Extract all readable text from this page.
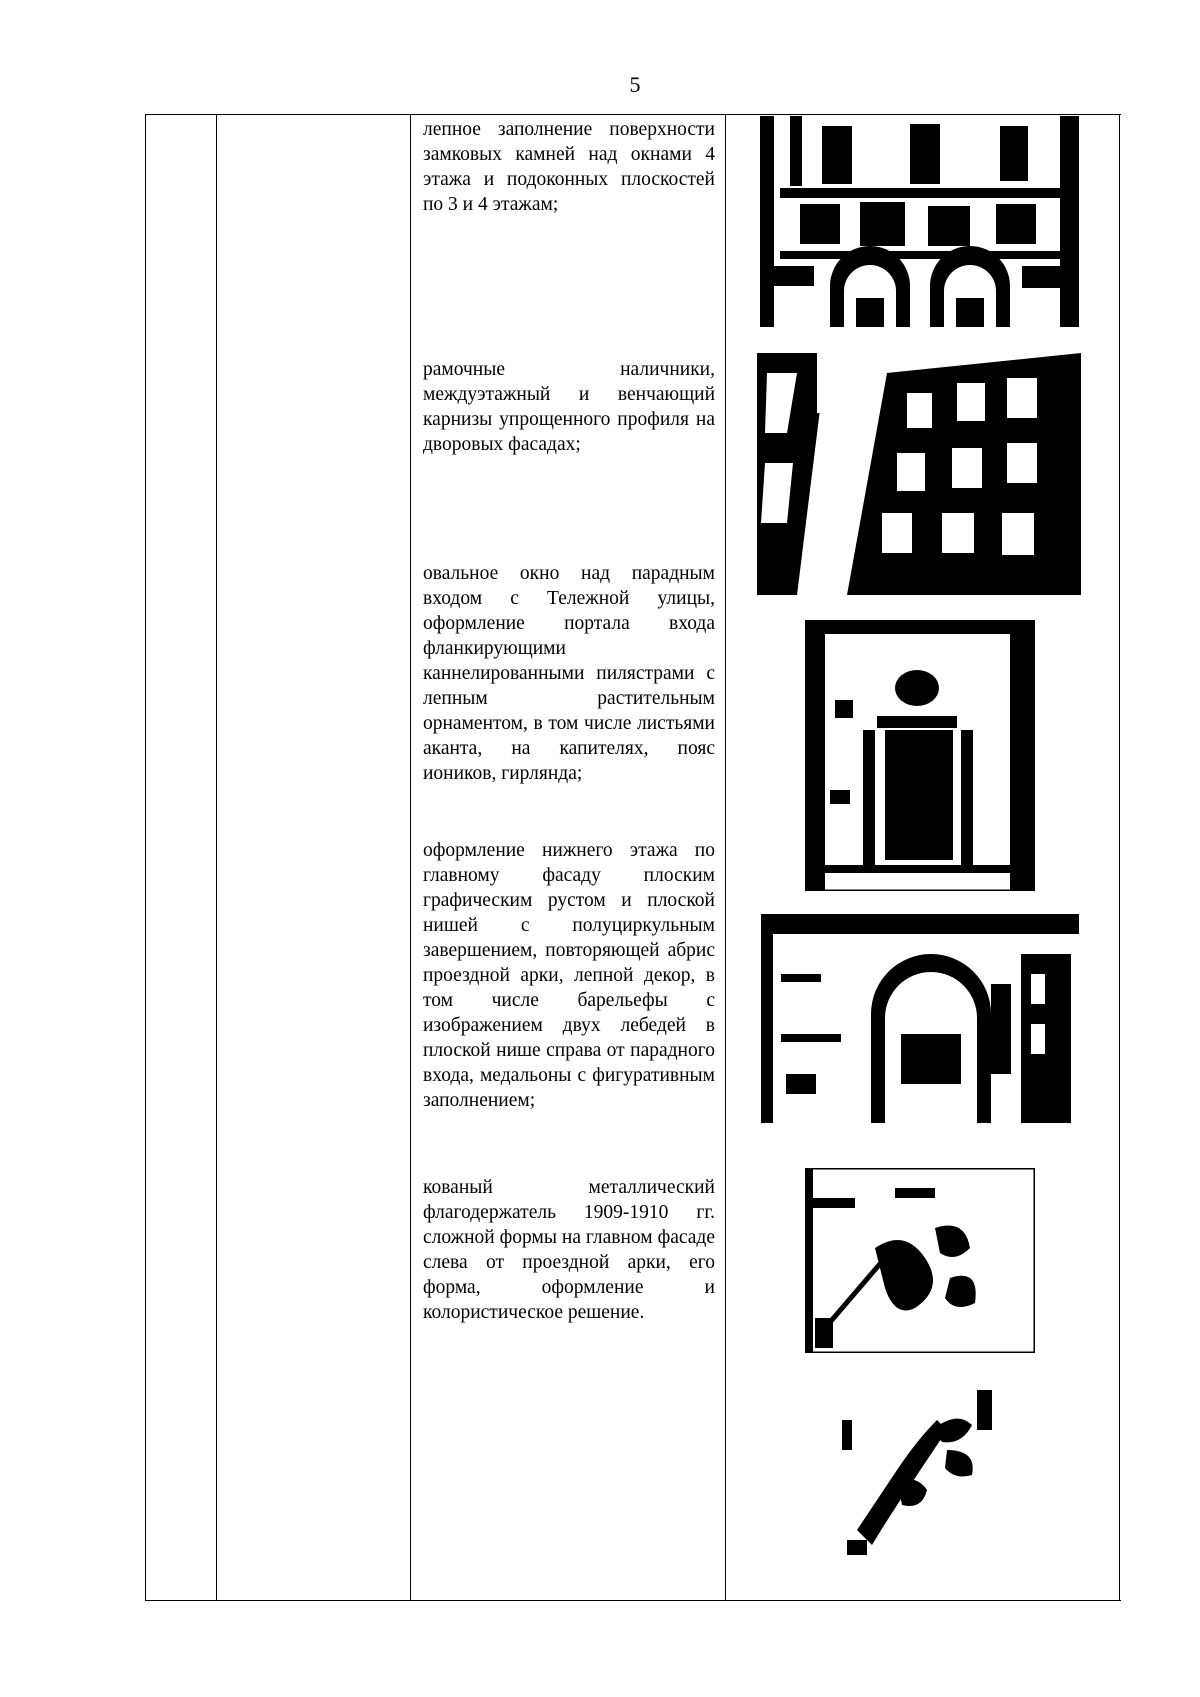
5
лепное заполнение поверхности замковых камней над окнами 4 этажа и подоконных плоскостей по 3 и 4 этажам;
рамочные наличники, междуэтажный и венчающий карнизы упрощенного профиля на дворовых фасадах;
овальное окно над парадным входом с Тележной улицы, оформление портала входа фланкирующими каннелированными пилястрами с лепным растительным орнаментом, в том числе листьями аканта, на капителях, пояс иоников, гирлянда;
оформление нижнего этажа по главному фасаду плоским графическим рустом и плоской нишей с полуциркульным завершением, повторяющей абрис проездной арки, лепной декор, в том числе барельефы с изображением двух лебедей в плоской нише справа от парадного входа, медальоны с фигуративным заполнением;
кованый металлический флагодержатель 1909-1910 гг. сложной формы на главном фасаде слева от проездной арки, его форма, оформление и колористическое решение.
